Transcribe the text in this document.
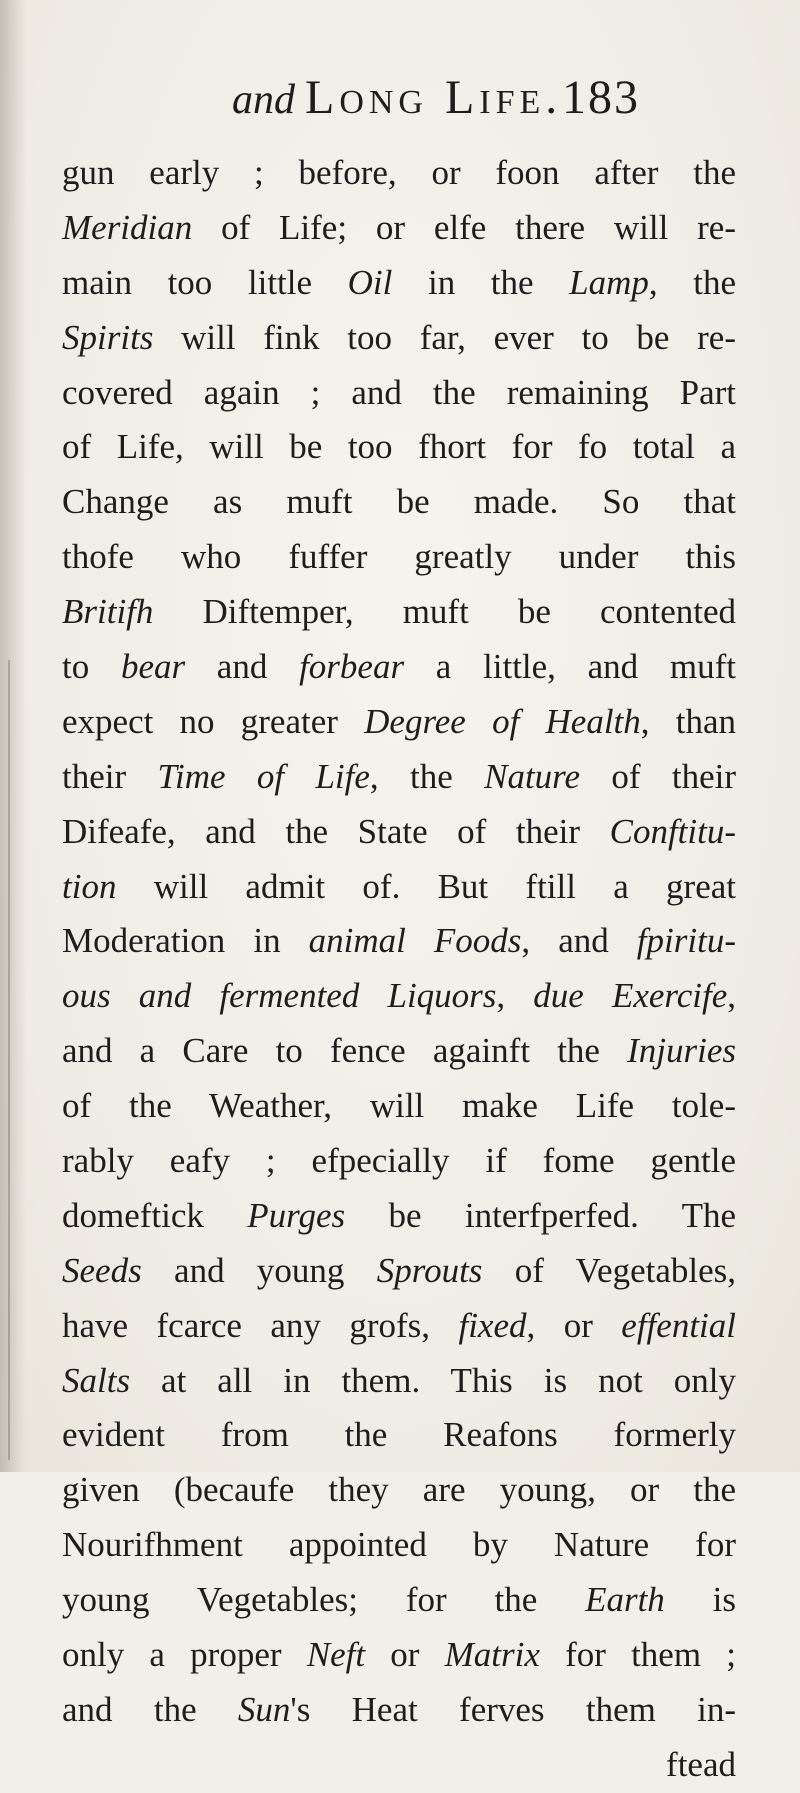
and Long Life. 183
gun early ; before, or foon after the
Meridian of Life; or elfe there will re-
main too little Oil in the Lamp, the
Spirits will fink too far, ever to be re-
covered again ; and the remaining Part
of Life, will be too fhort for fo total a
Change as muft be made. So that
thofe who fuffer greatly under this
Britifh Diftemper, muft be contented
to bear and forbear a little, and muft
expect no greater Degree of Health, than
their Time of Life, the Nature of their
Difeafe, and the State of their Conftitu-
tion will admit of. But ftill a great
Moderation in animal Foods, and fpiritu-
ous and fermented Liquors, due Exercife,
and a Care to fence againft the Injuries
of the Weather, will make Life tole-
rably eafy ; efpecially if fome gentle
domeftick Purges be interfperfed. The
Seeds and young Sprouts of Vegetables,
have fcarce any grofs, fixed, or effential
Salts at all in them. This is not only
evident from the Reafons formerly
given (becaufe they are young, or the
Nourifhment appointed by Nature for
young Vegetables; for the Earth is
only a proper Neft or Matrix for them ;
and the Sun's Heat ferves them in-
ftead
